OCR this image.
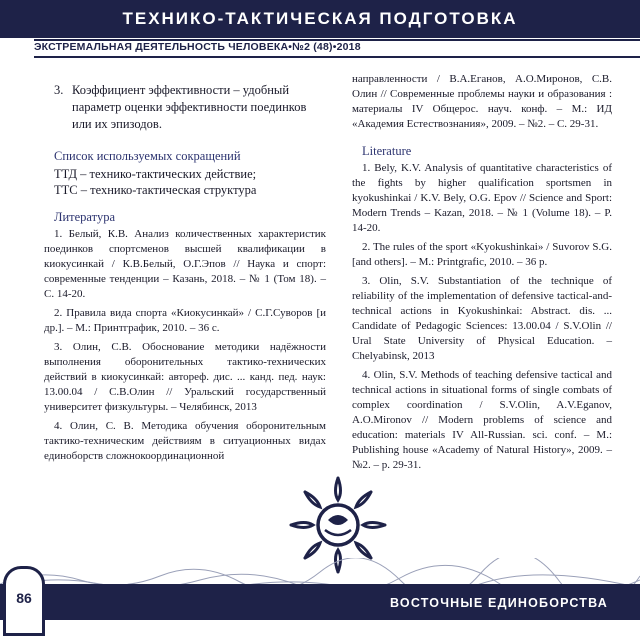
ТЕХНИКО-ТАКТИЧЕСКАЯ ПОДГОТОВКА
ЭКСТРЕМАЛЬНАЯ ДЕЯТЕЛЬНОСТЬ ЧЕЛОВЕКА•№2 (48)•2018
3. Коэффициент эффективности – удобный параметр оценки эффективности поединков или их эпизодов.
Список используемых сокращений
ТТД – технико-тактических действие;
ТТС – технико-тактическая структура
Литература
1. Белый, К.В. Анализ количественных характеристик поединков спортсменов высшей квалификации в киокусинкай / К.В.Белый, О.Г.Эпов // Наука и спорт: современные тенденции – Казань, 2018. – № 1 (Том 18). – С. 14-20.
2. Правила вида спорта «Киокусинкай» / С.Г.Суворов [и др.]. – М.: Принтграфик, 2010. – 36 с.
3. Олин, С.В. Обоснование методики надёжности выполнения оборонительных тактико-технических действий в киокусинкай: автореф. дис. ... канд. пед. наук: 13.00.04 / С.В.Олин // Уральский государственный университет физкультуры. – Челябинск, 2013
4. Олин, С. В. Методика обучения оборонительным тактико-техническим действиям в ситуационных видах единоборств сложнокоординационной
направленности / В.А.Еганов, А.О.Миронов, С.В. Олин // Современные проблемы науки и образования : материалы IV Общерос. науч. конф. – М.: ИД «Академия Естествознания», 2009. – №2. – С. 29-31.
Literature
1. Bely, K.V. Analysis of quantitative characteristics of the fights by higher qualification sportsmen in kyokushinkai / K.V. Bely, O.G. Epov // Science and Sport: Modern Trends – Kazan, 2018. – № 1 (Volume 18). – P. 14-20.
2. The rules of the sport «Kyokushinkai» / Suvorov S.G. [and others]. – M.: Printgrafic, 2010. – 36 p.
3. Olin, S.V. Substantiation of the technique of reliability of the implementation of defensive tactical-and-technical actions in Kyokushinkai: Abstract. dis. ... Candidate of Pedagogic Sciences: 13.00.04 / S.V.Olin // Ural State University of Physical Education. – Chelyabinsk, 2013
4. Olin, S.V. Methods of teaching defensive tactical and technical actions in situational forms of single combats of complex coordination / S.V.Olin, A.V.Eganov, A.O.Mironov // Modern problems of science and education: materials IV All-Russian. sci. conf. – M.: Publishing house «Academy of Natural History», 2009. – №2. – p. 29-31.
ВОСТОЧНЫЕ ЕДИНОБОРСТВА
86
